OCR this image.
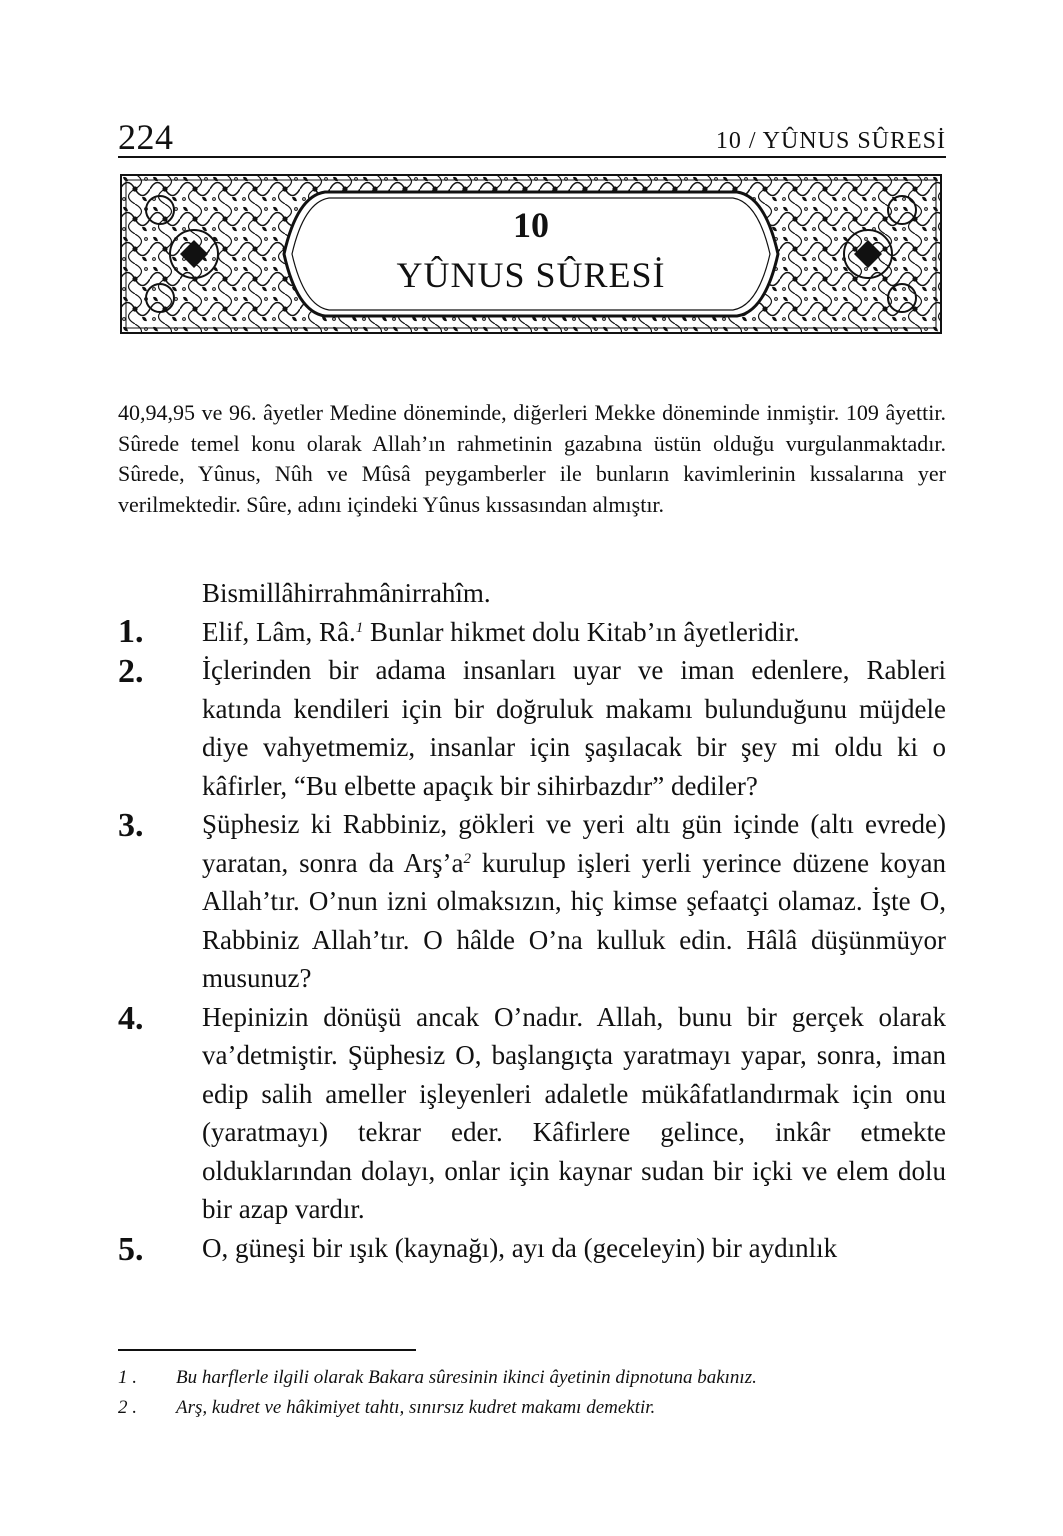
224	10 / YÛNUS SÛRESİ
10
YÛNUS SÛRESİ

40,94,95 ve 96. âyetler Medine döneminde, diğerleri Mekke döneminde inmiştir. 109 âyettir. Sûrede temel konu olarak Allah’ın rahmetinin gazabına üstün olduğu vurgulanmaktadır. Sûrede, Yûnus, Nûh ve Mûsâ peygamberler ile bunların kavimlerinin kıssalarına yer verilmektedir. Sûre, adını içindeki Yûnus kıssasından almıştır.

Bismillâhirrahmânirrahîm.
1. Elif, Lâm, Râ.$^1$ Bunlar hikmet dolu Kitab’ın âyetleridir.
2. İçlerinden bir adama insanları uyar ve iman edenlere, Rableri katında kendileri için bir doğruluk makamı bulunduğunu müjdele diye vahyetmemiz, insanlar için şaşılacak bir şey mi oldu ki o kâfirler, “Bu elbette apaçık bir sihirbazdır” dediler?
3. Şüphesiz ki Rabbiniz, gökleri ve yeri altı gün içinde (altı evrede) yaratan, sonra da Arş’a$^2$ kurulup işleri yerli yerince düzene koyan Allah’tır. O’nun izni olmaksızın, hiç kimse şefaatçi olamaz. İşte O, Rabbiniz Allah’tır. O hâlde O’na kulluk edin. Hâlâ düşünmüyor musunuz?
4. Hepinizin dönüşü ancak O’nadır. Allah, bunu bir gerçek olarak va’detmiştir. Şüphesiz O, başlangıçta yaratmayı yapar, sonra, iman edip salih ameller işleyenleri adaletle mükâfatlandırmak için onu (yaratmayı) tekrar eder. Kâfirlere gelince, inkâr etmekte olduklarından dolayı, onlar için kaynar sudan bir içki ve elem dolu bir azap vardır.
5. O, güneşi bir ışık (kaynağı), ayı da (geceleyin) bir aydınlık
1 . Bu harflerle ilgili olarak Bakara sûresinin ikinci âyetinin dipnotuna bakınız.
2 . Arş, kudret ve hâkimiyet tahtı, sınırsız kudret makamı demektir.
